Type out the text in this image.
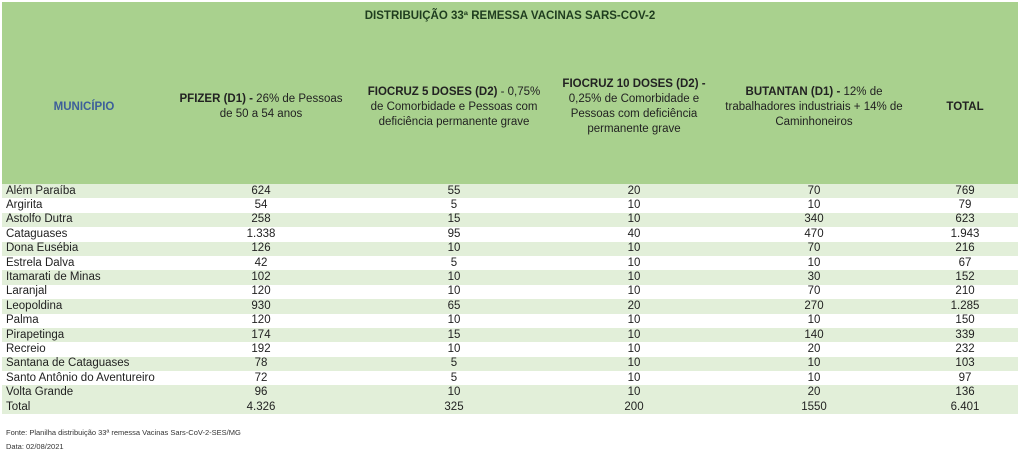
DISTRIBUIÇÃO 33ª REMESSA VACINAS SARS-COV-2					
MUNICÍPIO	PFIZER (D1) - 26% de Pessoas de 50 a 54 anos	FIOCRUZ 5 DOSES (D2) - 0,75% de Comorbidade e Pessoas com deficiência permanente grave	FIOCRUZ 10 DOSES (D2) -
0,25% de Comorbidade e Pessoas com deficiência permanente grave	BUTANTAN (D1) - 12% de trabalhadores industriais + 14% de Caminhoneiros	TOTAL
Além Paraíba	624	55	20	70	769
Argirita	54	5	10	10	79
Astolfo Dutra	258	15	10	340	623
Cataguases	1.338	95	40	470	1.943
Dona Eusébia	126	10	10	70	216
Estrela Dalva	42	5	10	10	67
Itamarati de Minas	102	10	10	30	152
Laranjal	120	10	10	70	210
Leopoldina	930	65	20	270	1.285
Palma	120	10	10	10	150
Pirapetinga	174	15	10	140	339
Recreio	192	10	10	20	232
Santana de Cataguases	78	5	10	10	103
Santo Antônio do Aventureiro	72	5	10	10	97
Volta Grande	96	10	10	20	136
Total	4.326	325	200	1550	6.401
Fonte: Planilha distribuição 33ª remessa Vacinas Sars-CoV-2-SES/MG
Data: 02/08/2021
